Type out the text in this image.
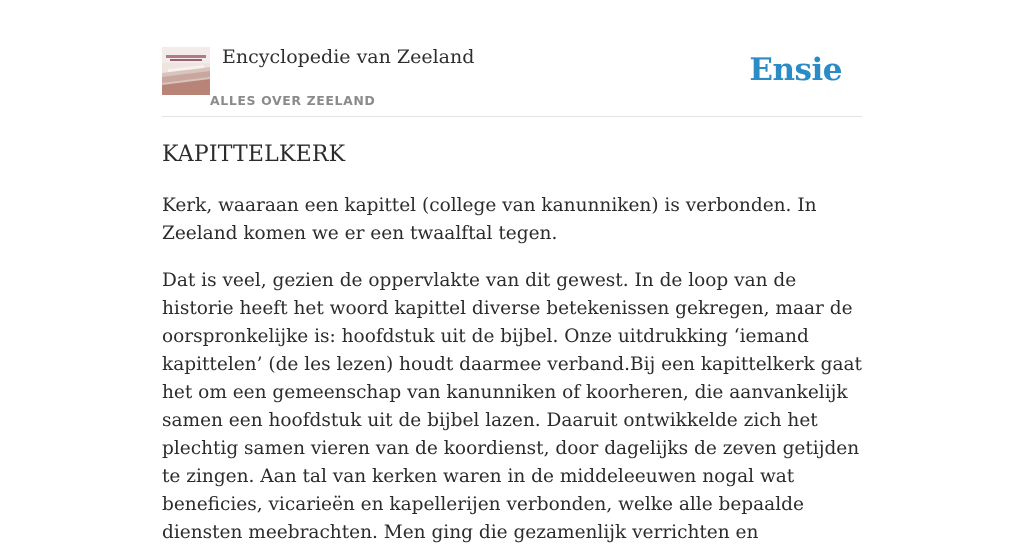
Encyclopedie van Zeeland
ALLES OVER ZEELAND
Ensie
KAPITTELKERK

Kerk, waaraan een kapittel (college van kanunniken) is verbonden. In Zeeland komen we er een twaalftal tegen.

Dat is veel, gezien de oppervlakte van dit gewest. In de loop van de historie heeft het woord kapittel diverse betekenissen gekregen, maar de oorspronkelijke is: hoofdstuk uit de bijbel. Onze uitdrukking ‘iemand kapittelen’ (de les lezen) houdt daarmee verband.Bij een kapittelkerk gaat het om een gemeenschap van kanunniken of koorheren, die aanvankelijk samen een hoofdstuk uit de bijbel lazen. Daaruit ontwikkelde zich het plechtig samen vieren van de koordienst, door dagelijks de zeven getijden te zingen. Aan tal van kerken waren in de middeleeuwen nogal wat beneficies, vicarieën en kapellerijen verbonden, welke alle bepaalde diensten meebrachten. Men ging die gezamenlijk verrichten en
